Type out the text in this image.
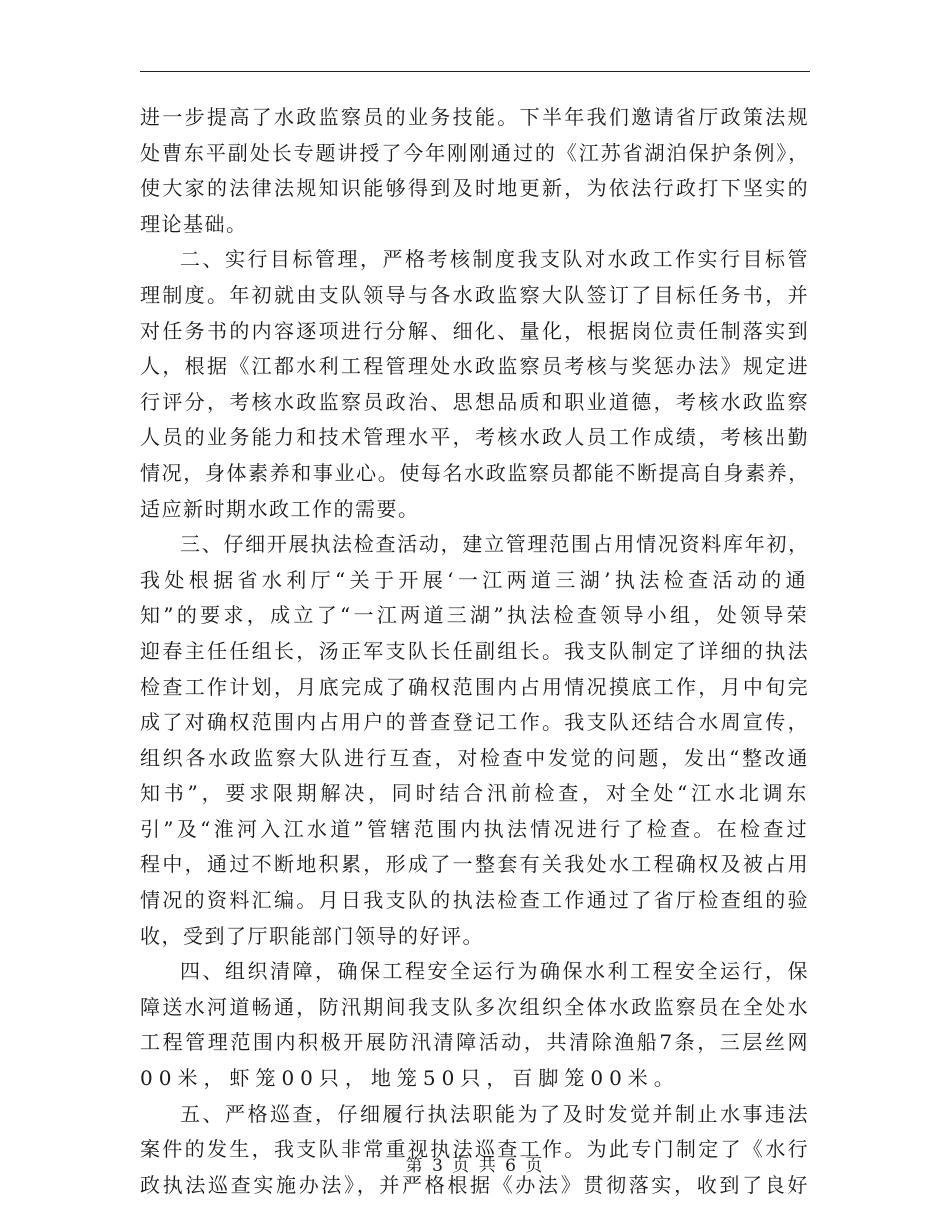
进一步提高了水政监察员的业务技能。下半年我们邀请省厅政策法规
处曹东平副处长专题讲授了今年刚刚通过的《江苏省湖泊保护条例》，
使大家的法律法规知识能够得到及时地更新，为依法行政打下坚实的
理论基础。
二、实行目标管理，严格考核制度我支队对水政工作实行目标管
理制度。年初就由支队领导与各水政监察大队签订了目标任务书，并
对任务书的内容逐项进行分解、细化、量化，根据岗位责任制落实到
人，根据《江都水利工程管理处水政监察员考核与奖惩办法》规定进
行评分，考核水政监察员政治、思想品质和职业道德，考核水政监察
人员的业务能力和技术管理水平，考核水政人员工作成绩，考核出勤
情况，身体素养和事业心。使每名水政监察员都能不断提高自身素养，
适应新时期水政工作的需要。
三、仔细开展执法检查活动，建立管理范围占用情况资料库年初，
我处根据省水利厅“关于开展‘一江两道三湖’执法检查活动的通
知”的要求，成立了“一江两道三湖”执法检查领导小组，处领导荣
迎春主任任组长，汤正军支队长任副组长。我支队制定了详细的执法
检查工作计划，月底完成了确权范围内占用情况摸底工作，月中旬完
成了对确权范围内占用户的普查登记工作。我支队还结合水周宣传，
组织各水政监察大队进行互查，对检查中发觉的问题，发出“整改通
知书”，要求限期解决，同时结合汛前检查，对全处“江水北调东
引”及“淮河入江水道”管辖范围内执法情况进行了检查。在检查过
程中，通过不断地积累，形成了一整套有关我处水工程确权及被占用
情况的资料汇编。月日我支队的执法检查工作通过了省厅检查组的验
收，受到了厅职能部门领导的好评。
四、组织清障，确保工程安全运行为确保水利工程安全运行，保
障送水河道畅通，防汛期间我支队多次组织全体水政监察员在全处水
工程管理范围内积极开展防汛清障活动，共清除渔船7条，三层丝网
00米，虾笼00只，地笼50只，百脚笼00米。
五、严格巡查，仔细履行执法职能为了及时发觉并制止水事违法
案件的发生，我支队非常重视执法巡查工作。为此专门制定了《水行
政执法巡查实施办法》，并严格根据《办法》贯彻落实，收到了良好
第 3 页 共 6 页
